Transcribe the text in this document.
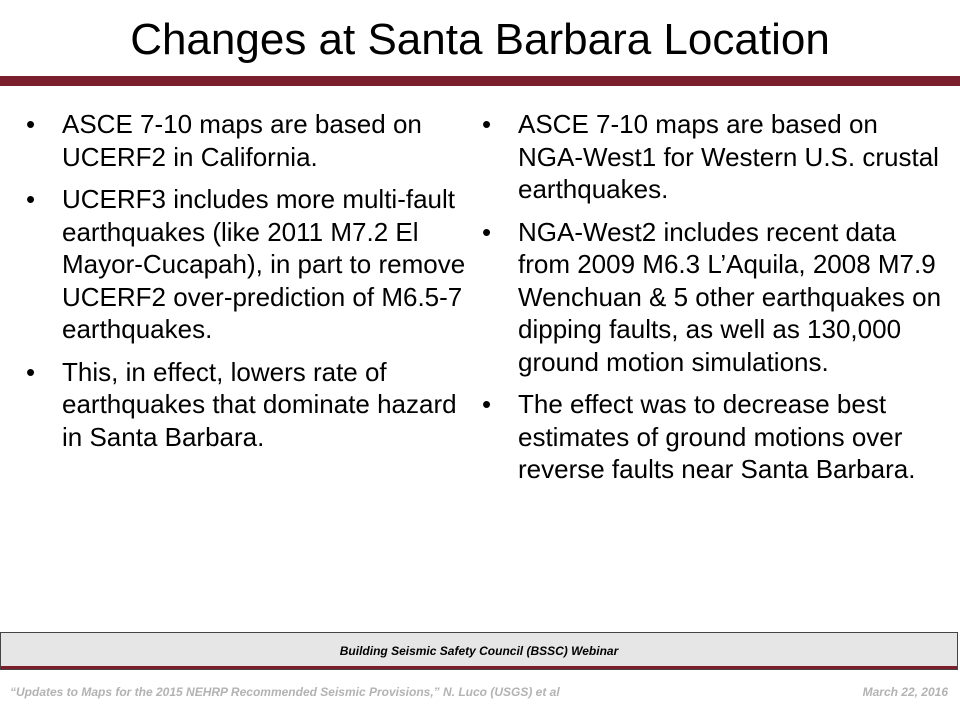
Changes at Santa Barbara Location
• ASCE 7-10 maps are based on UCERF2 in California.
• UCERF3 includes more multi-fault earthquakes (like 2011 M7.2 El Mayor-Cucapah), in part to remove UCERF2 over-prediction of M6.5-7 earthquakes.
• This, in effect, lowers rate of earthquakes that dominate hazard in Santa Barbara.
• ASCE 7-10 maps are based on NGA-West1 for Western U.S. crustal earthquakes.
• NGA-West2 includes recent data from 2009 M6.3 L’Aquila, 2008 M7.9 Wenchuan & 5 other earthquakes on dipping faults, as well as 130,000 ground motion simulations.
• The effect was to decrease best estimates of ground motions over reverse faults near Santa Barbara.
Building Seismic Safety Council (BSSC) Webinar
“Updates to Maps for the 2015 NEHRP Recommended Seismic Provisions,” N. Luco (USGS) et al	March 22, 2016
